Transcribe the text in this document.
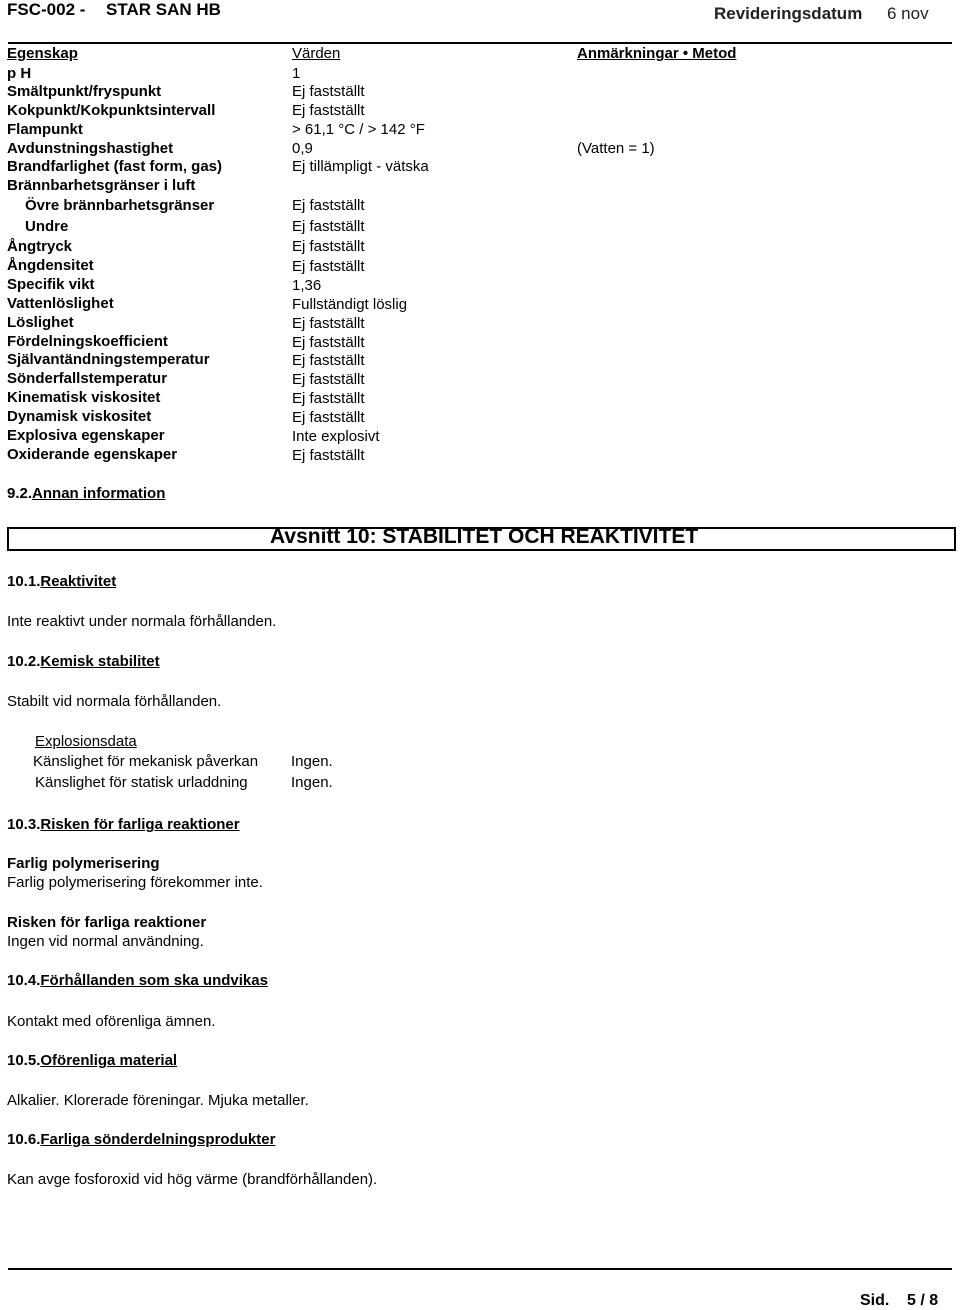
FSC-002 - STAR SAN HB	Revideringsdatum 6 nov
Egenskap	Värden	Anmärkningar • Metod
p H	1
Smältpunkt/fryspunkt	Ej fastställt
Kokpunkt/Kokpunktsintervall	Ej fastställt
Flampunkt	> 61,1 °C / > 142 °F
Avdunstningshastighet	0,9	(Vatten = 1)
Brandfarlighet (fast form, gas)	Ej tillämpligt - vätska
Brännbarhetsgränser i luft
Övre brännbarhetsgränser	Ej fastställt
Undre	Ej fastställt
Ångtryck	Ej fastställt
Ångdensitet	Ej fastställt
Specifik vikt	1,36
Vattenlöslighet	Fullständigt löslig
Löslighet	Ej fastställt
Fördelningskoefficient	Ej fastställt
Självantändningstemperatur	Ej fastställt
Sönderfallstemperatur	Ej fastställt
Kinematisk viskositet	Ej fastställt
Dynamisk viskositet	Ej fastställt
Explosiva egenskaper	Inte explosivt
Oxiderande egenskaper	Ej fastställt
9.2.Annan information
Avsnitt 10: STABILITET OCH REAKTIVITET
10.1.Reaktivitet
Inte reaktivt under normala förhållanden.
10.2.Kemisk stabilitet
Stabilt vid normala förhållanden.
Explosionsdata
Känslighet för mekanisk påverkan Ingen.
Känslighet för statisk urladdning	Ingen.
10.3.Risken för farliga reaktioner
Farlig polymerisering
Farlig polymerisering förekommer inte.
Risken för farliga reaktioner
Ingen vid normal användning.
10.4.Förhållanden som ska undvikas
Kontakt med oförenliga ämnen.
10.5.Oförenliga material
Alkalier. Klorerade föreningar. Mjuka metaller.
10.6.Farliga sönderdelningsprodukter
Kan avge fosforoxid vid hög värme (brandförhållanden).
Sid. 5 / 8
